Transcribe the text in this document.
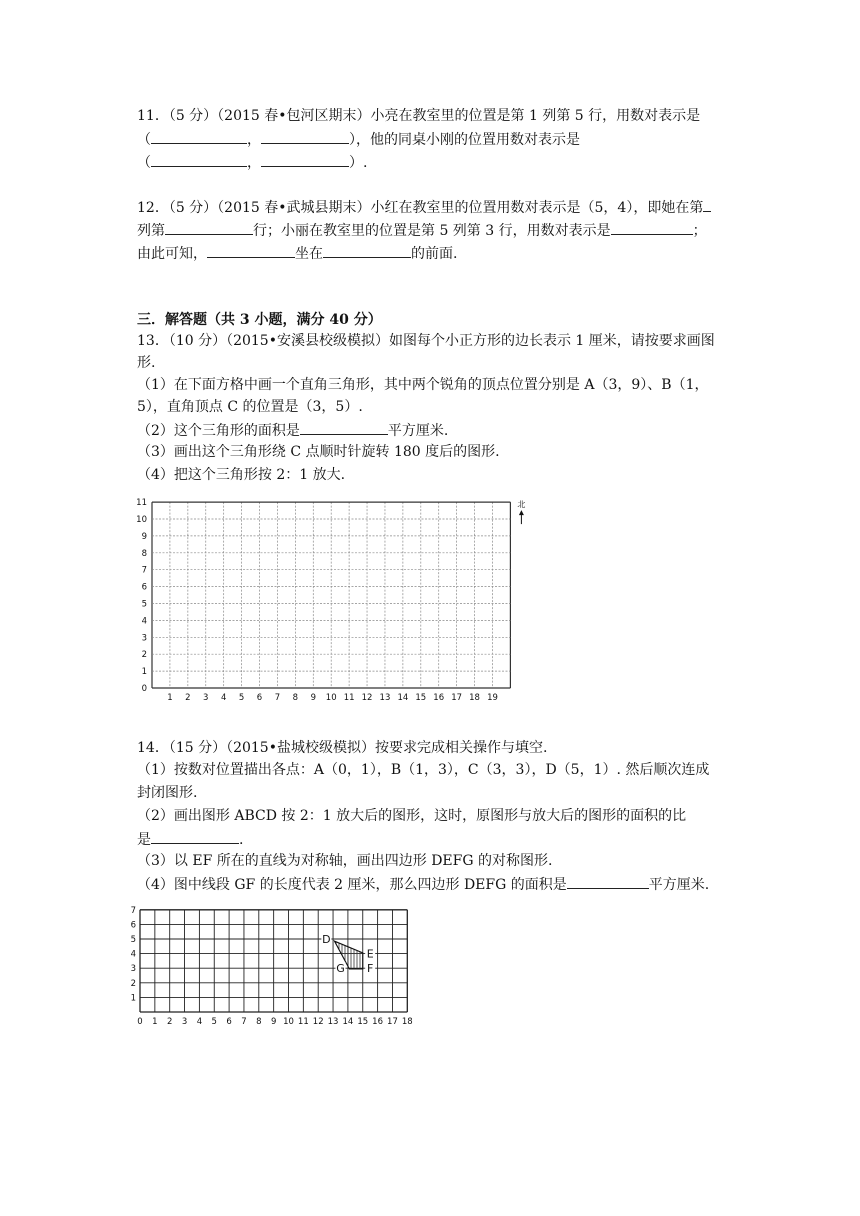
11．（5 分）（2015 春•包河区期末）小亮在教室里的位置是第 1 列第 5 行，用数对表示是
（	，	），他的同桌小刚的位置用数对表示是
（	，	）.
12．（5 分）（2015 春•武城县期末）小红在教室里的位置用数对表示是（5，4），即她在第
列第	行；小丽在教室里的位置是第 5 列第 3 行，用数对表示是	；
由此可知，	坐在	的前面.
三．解答题（共 3 小题，满分 40 分）
13．（10 分）（2015•安溪县校级模拟）如图每个小正方形的边长表示 1 厘米，请按要求画图
形.
（1）在下面方格中画一个直角三角形，其中两个锐角的顶点位置分别是 A（3，9）、B（1，
5），直角顶点 C 的位置是（3，5）.
（2）这个三角形的面积是	平方厘米.
（3）画出这个三角形绕 C 点顺时针旋转 180 度后的图形.
（4）把这个三角形按 2：1 放大.
1 2 3 4 5 6 7 8 9 10 11 12 13 14 15 16 17 18 19
0
1
2
3
4
5
6
7
8
9
10
11	北
14．（15 分）（2015•盐城校级模拟）按要求完成相关操作与填空.
（1）按数对位置描出各点：A（0，1），B（1，3），C（3，3），D（5，1）. 然后顺次连成
封闭图形.
（2）画出图形 ABCD 按 2：1 放大后的图形，这时，原图形与放大后的图形的面积的比
是	.
（3）以 EF 所在的直线为对称轴，画出四边形 DEFG 的对称图形.
（4）图中线段 GF 的长度代表 2 厘米，那么四边形 DEFG 的面积是	平方厘米.
0 1 2 3 4 5 6 7 8 9 10 11 12 13 14 15 16 17 18
1
2
3
4
5
6
7
D
E
G F
